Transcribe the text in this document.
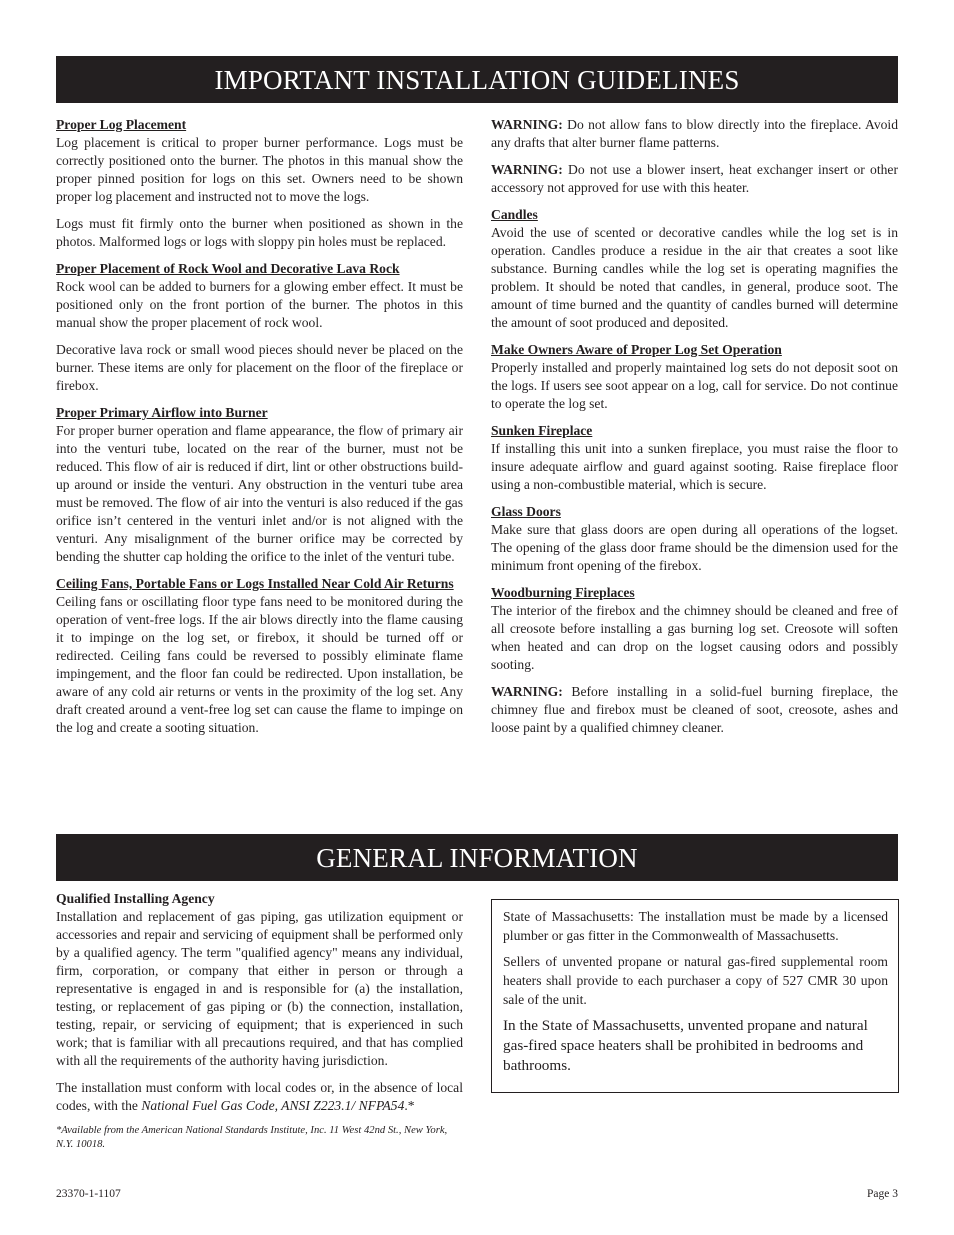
IMPORTANT INSTALLATION GUIDELINES
Proper Log Placement

Log placement is critical to proper burner performance. Logs must be correctly positioned onto the burner. The photos in this manual show the proper pinned position for logs on this set. Owners need to be shown proper log placement and instructed not to move the logs.

Logs must fit firmly onto the burner when positioned as shown in the photos. Malformed logs or logs with sloppy pin holes must be replaced.

Proper Placement of Rock Wool and Decorative Lava Rock

Rock wool can be added to burners for a glowing ember effect. It must be positioned only on the front portion of the burner. The photos in this manual show the proper placement of rock wool.

Decorative lava rock or small wood pieces should never be placed on the burner. These items are only for placement on the floor of the fireplace or firebox.

Proper Primary Airflow into Burner

For proper burner operation and flame appearance, the flow of primary air into the venturi tube, located on the rear of the burner, must not be reduced. This flow of air is reduced if dirt, lint or other obstructions build-up around or inside the venturi. Any obstruction in the venturi tube area must be removed. The flow of air into the venturi is also reduced if the gas orifice isn’t centered in the venturi inlet and/or is not aligned with the venturi. Any misalignment of the burner orifice may be corrected by bending the shutter cap holding the orifice to the inlet of the venturi tube.

Ceiling Fans, Portable Fans or Logs Installed Near Cold Air Returns

Ceiling fans or oscillating floor type fans need to be monitored during the operation of vent-free logs. If the air blows directly into the flame causing it to impinge on the log set, or firebox, it should be turned off or redirected. Ceiling fans could be reversed to possibly eliminate flame impingement, and the floor fan could be redirected. Upon installation, be aware of any cold air returns or vents in the proximity of the log set. Any draft created around a vent-free log set can cause the flame to impinge on the log and create a sooting situation.

WARNING: Do not allow fans to blow directly into the fireplace. Avoid any drafts that alter burner flame patterns.

WARNING: Do not use a blower insert, heat exchanger insert or other accessory not approved for use with this heater.

Candles

Avoid the use of scented or decorative candles while the log set is in operation. Candles produce a residue in the air that creates a soot like substance. Burning candles while the log set is operating magnifies the problem. It should be noted that candles, in general, produce soot. The amount of time burned and the quantity of candles burned will determine the amount of soot produced and deposited.

Make Owners Aware of Proper Log Set Operation

Properly installed and properly maintained log sets do not deposit soot on the logs. If users see soot appear on a log, call for service. Do not continue to operate the log set.

Sunken Fireplace

If installing this unit into a sunken fireplace, you must raise the floor to insure adequate airflow and guard against sooting. Raise fireplace floor using a non-combustible material, which is secure.

Glass Doors

Make sure that glass doors are open during all operations of the logset. The opening of the glass door frame should be the dimension used for the minimum front opening of the firebox.

Woodburning Fireplaces

The interior of the firebox and the chimney should be cleaned and free of all creosote before installing a gas burning log set. Creosote will soften when heated and can drop on the logset causing odors and possibly sooting.

WARNING: Before installing in a solid-fuel burning fireplace, the chimney flue and firebox must be cleaned of soot, creosote, ashes and loose paint by a qualified chimney cleaner.

GENERAL INFORMATION
Qualified Installing Agency

Installation and replacement of gas piping, gas utilization equipment or accessories and repair and servicing of equipment shall be performed only by a qualified agency. The term "qualified agency" means any individual, firm, corporation, or company that either in person or through a representative is engaged in and is responsible for (a) the installation, testing, or replacement of gas piping or (b) the connection, installation, testing, repair, or servicing of equipment; that is experienced in such work; that is familiar with all precautions required, and that has complied with all the requirements of the authority having jurisdiction.

The installation must conform with local codes or, in the absence of local codes, with the National Fuel Gas Code, ANSI Z223.1/ NFPA54.*

*Available from the American National Standards Institute, Inc. 11 West 42nd St., New York, N.Y. 10018.

State of Massachusetts: The installation must be made by a licensed plumber or gas fitter in the Commonwealth of Massachusetts.

Sellers of unvented propane or natural gas-fired supplemental room heaters shall provide to each purchaser a copy of 527 CMR 30 upon sale of the unit.

In the State of Massachusetts, unvented propane and natural gas-fired space heaters shall be prohibited in bedrooms and bathrooms.

23370-1-1107	Page 3
